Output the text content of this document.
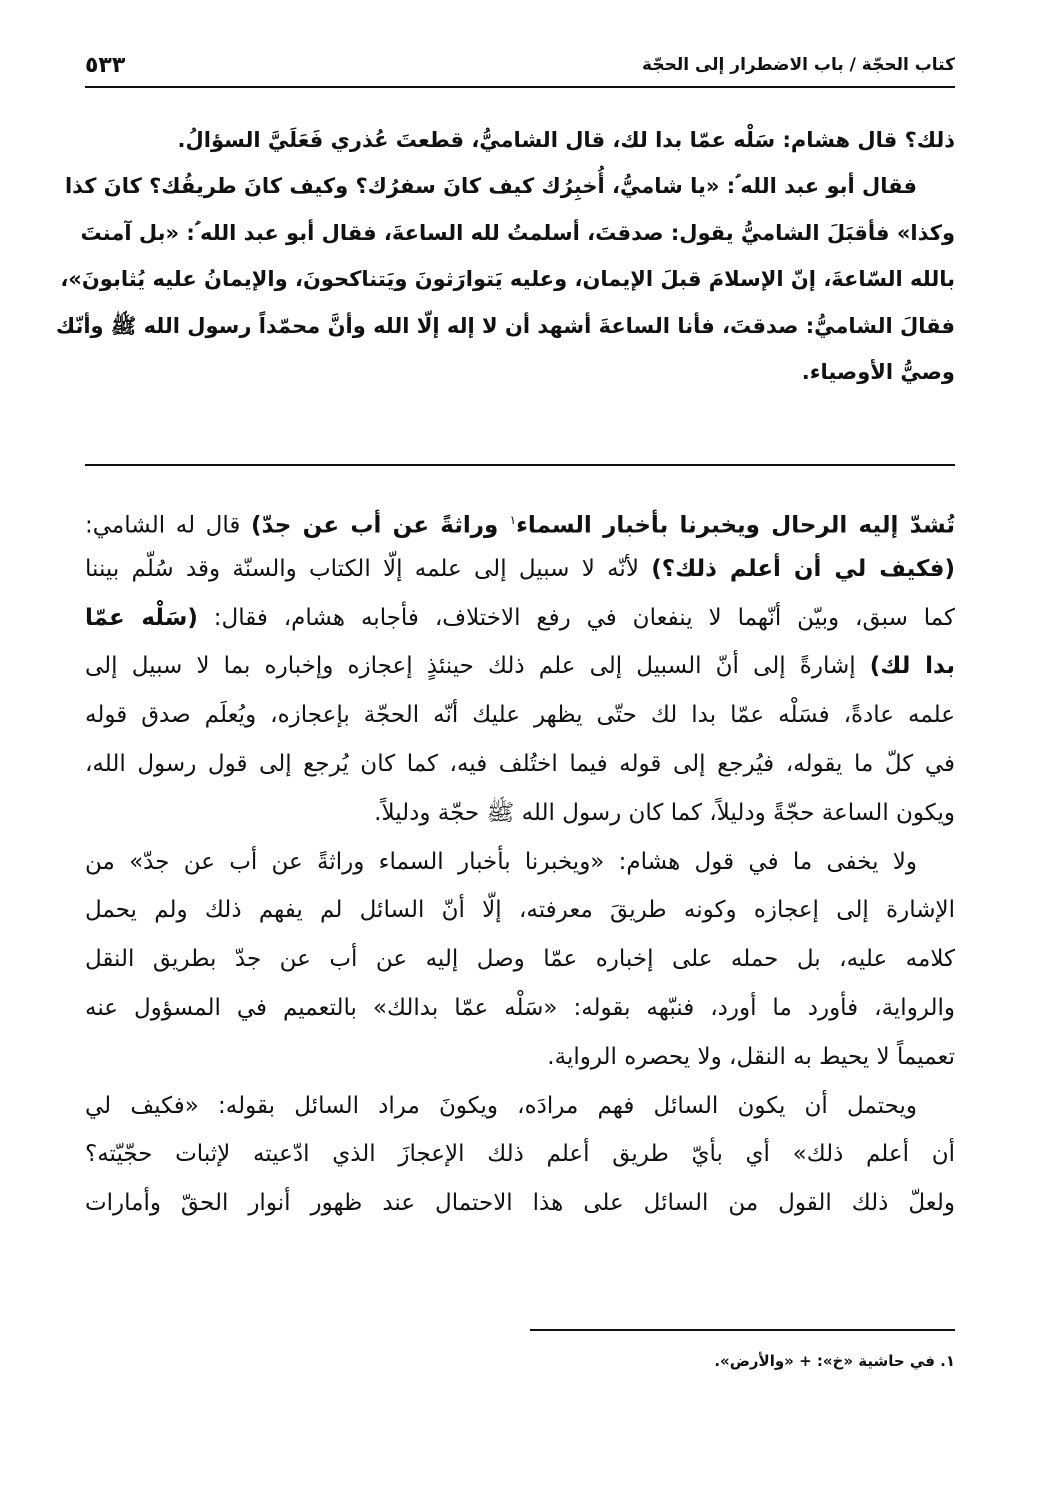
كتاب الحجّة / باب الاضطرار إلى الحجّة
٥٣٣
ذلك؟ قال هشام: سَلْه عمّا بدا لك، قال الشاميُّ، قطعتَ عُذري فَعَلَيَّ السؤالُ.
فقال أبو عبد الله ؑ: «يا شاميُّ، أُخبِرُك كيف كانَ سفرُك؟ وكيف كانَ طريقُك؟ كانَ كذا
وكذا» فأقبَلَ الشاميُّ يقول: صدقتَ، أسلمتُ لله الساعةَ، فقال أبو عبد الله ؑ: «بل آمنتَ
بالله السّاعةَ، إنّ الإسلامَ قبلَ الإيمان، وعليه يَتوارَثونَ ويَتناكحونَ، والإيمانُ عليه يُثابونَ»،
فقالَ الشاميُّ: صدقتَ، فأنا الساعةَ أشهد أن لا إله إلّا الله وأنَّ محمّداً رسول الله ﷺ وأنّك
وصيُّ الأوصياء.
تُشدّ إليه الرحال ويخبرنا بأخبار السماء$^١$ وراثةً عن أب عن جدّ) قال له الشامي:
(فكيف لي أن أعلم ذلك؟) لأنّه لا سبيل إلى علمه إلّا الكتاب والسنّة وقد سُلّم بيننا
كما سبق، وبيّن أنّهما لا ينفعان في رفع الاختلاف، فأجابه هشام، فقال: (سَلْه عمّا
بدا لك) إشارةً إلى أنّ السبيل إلى علم ذلك حينئذٍ إعجازه وإخباره بما لا سبيل إلى
علمه عادةً، فسَلْه عمّا بدا لك حتّى يظهر عليك أنّه الحجّة بإعجازه، ويُعلَم صدق قوله
في كلّ ما يقوله، فيُرجع إلى قوله فيما اختُلف فيه، كما كان يُرجع إلى قول رسول الله،
ويكون الساعة حجّةً ودليلاً، كما كان رسول الله ﷺ حجّة ودليلاً.
ولا يخفى ما في قول هشام: «ويخبرنا بأخبار السماء وراثةً عن أب عن جدّ» من
الإشارة إلى إعجازه وكونه طريقَ معرفته، إلّا أنّ السائل لم يفهم ذلك ولم يحمل
كلامه عليه، بل حمله على إخباره عمّا وصل إليه عن أب عن جدّ بطريق النقل
والرواية، فأورد ما أورد، فنبّهه بقوله: «سَلْه عمّا بدالك» بالتعميم في المسؤول عنه
تعميماً لا يحيط به النقل، ولا يحصره الرواية.
ويحتمل أن يكون السائل فهم مرادَه، ويكونَ مراد السائل بقوله: «فكيف لي
أن أعلم ذلك» أي بأيّ طريق أعلم ذلك الإعجازَ الذي ادّعيته لإثبات حجّيّته؟
ولعلّ ذلك القول من السائل على هذا الاحتمال عند ظهور أنوار الحقّ وأمارات
١. في حاشية «خ»: + «والأرض».
